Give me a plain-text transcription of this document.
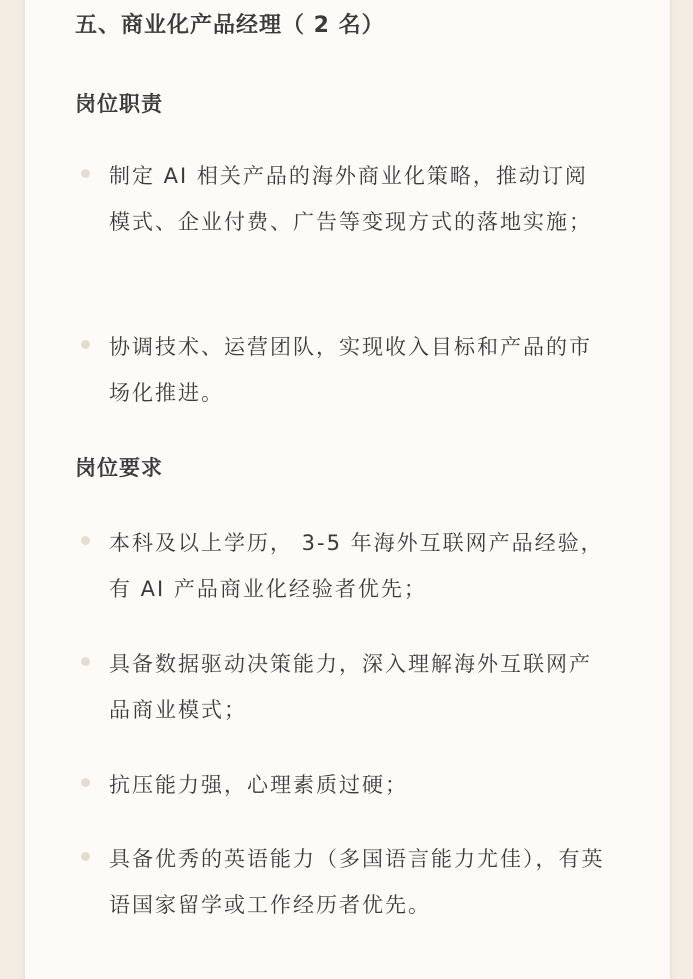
五、商业化产品经理（ 2 名）
岗位职责
制定 AI 相关产品的海外商业化策略，推动订阅模式、企业付费、广告等变现方式的落地实施；
协调技术、运营团队，实现收入目标和产品的市场化推进。
岗位要求
本科及以上学历， 3-5 年海外互联网产品经验，有 AI 产品商业化经验者优先；
具备数据驱动决策能力，深入理解海外互联网产品商业模式；
抗压能力强，心理素质过硬；
具备优秀的英语能力（多国语言能力尤佳），有英语国家留学或工作经历者优先。
